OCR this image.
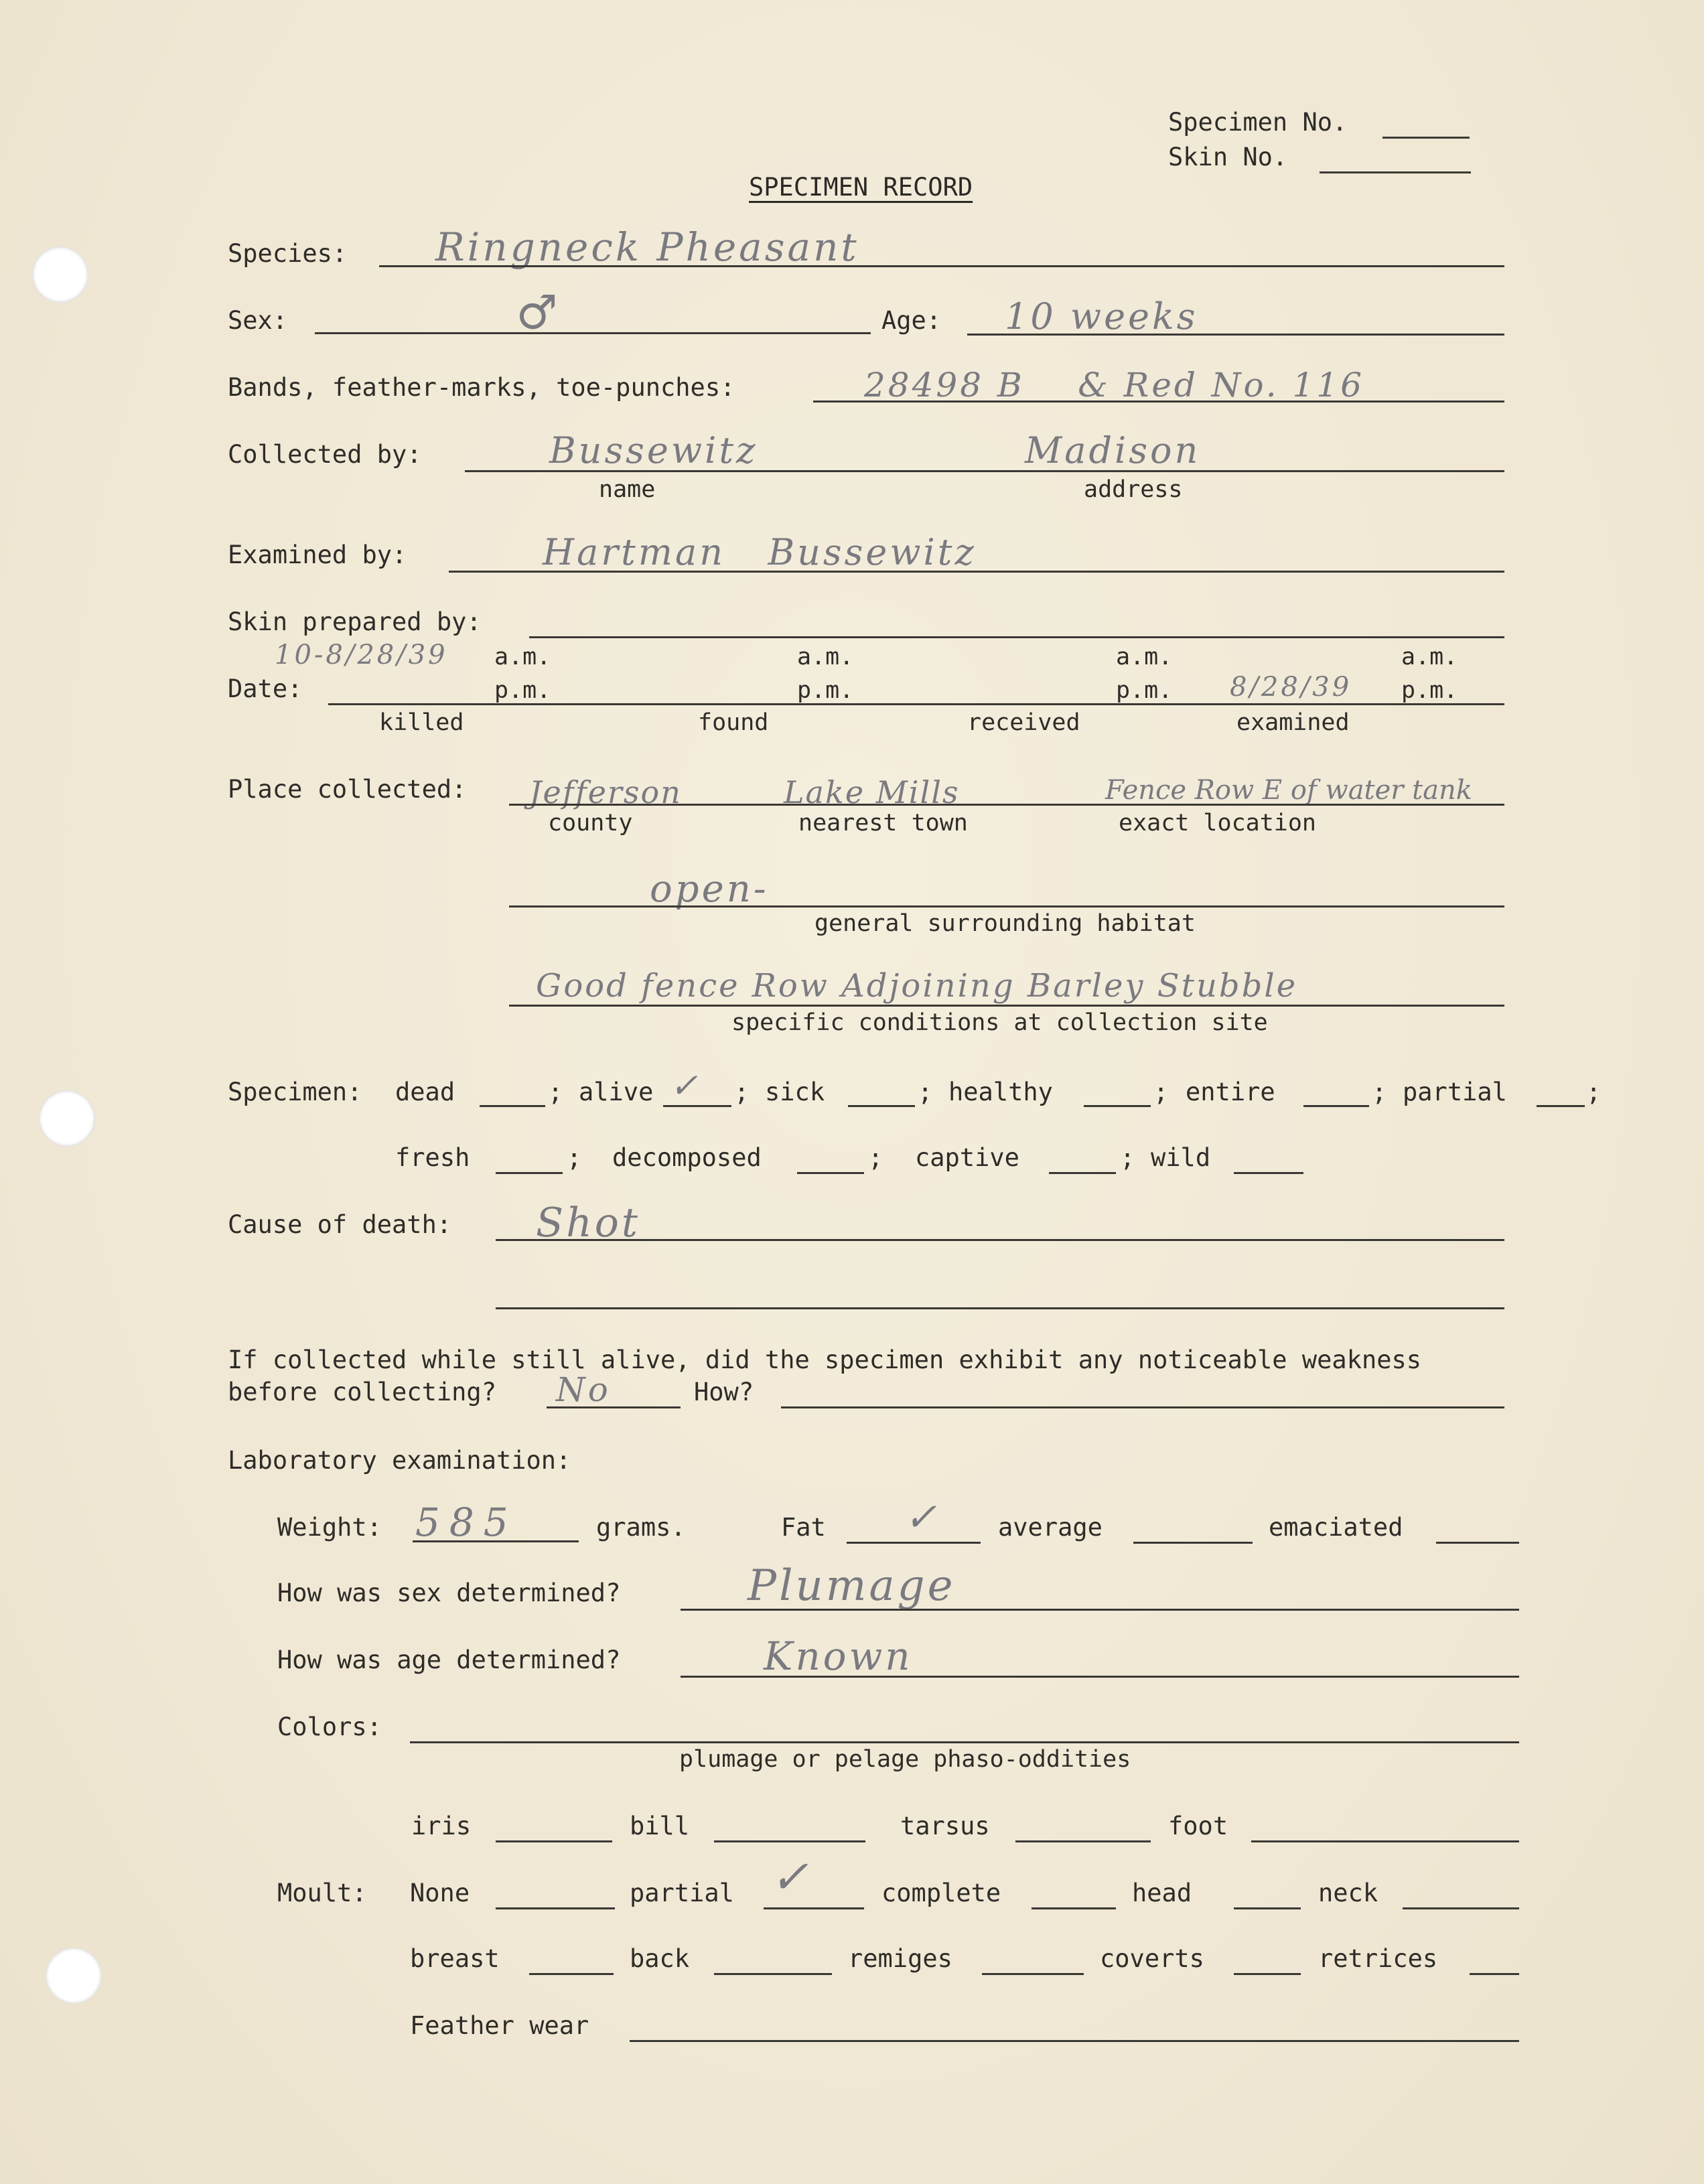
Specimen No.
Skin No.
SPECIMEN RECORD
Species: Ringneck Pheasant
Sex:	♂	Age: 10 weeks
Bands, feather-marks, toe-punches:	28498 B    & Red No. 116
Collected by:	Bussewitz	Madison
name	address
Examined by:	Hartman   Bussewitz
Skin prepared by:
10-8/28/39 a.m.	a.m.	a.m.	a.m.
Date:	p.m.	p.m.	p.m. 8/28/39 p.m.
killed	found	received	examined
Place collected: Jefferson	Lake Mills	Fence Row E of water tank
county	nearest town	exact location
open-
general surrounding habitat
Good fence Row Adjoining Barley Stubble
specific conditions at collection site
Specimen: dead	; alive ✓ ; sick	; healthy	; entire	; partial	;
fresh	; decomposed	; captive	; wild
Cause of death: Shot
If collected while still alive, did the specimen exhibit any noticeable weakness
before collecting? No	How?
Laboratory examination:
Weight: 585	grams.	Fat ✓ average	emaciated
How was sex determined?	Plumage
How was age determined?	Known
Colors:
plumage or pelage phaso-oddities
iris	bill	tarsus	foot
Moult: None	partial ✓	complete	head	neck
breast	back	remiges	coverts	retrices
Feather wear
